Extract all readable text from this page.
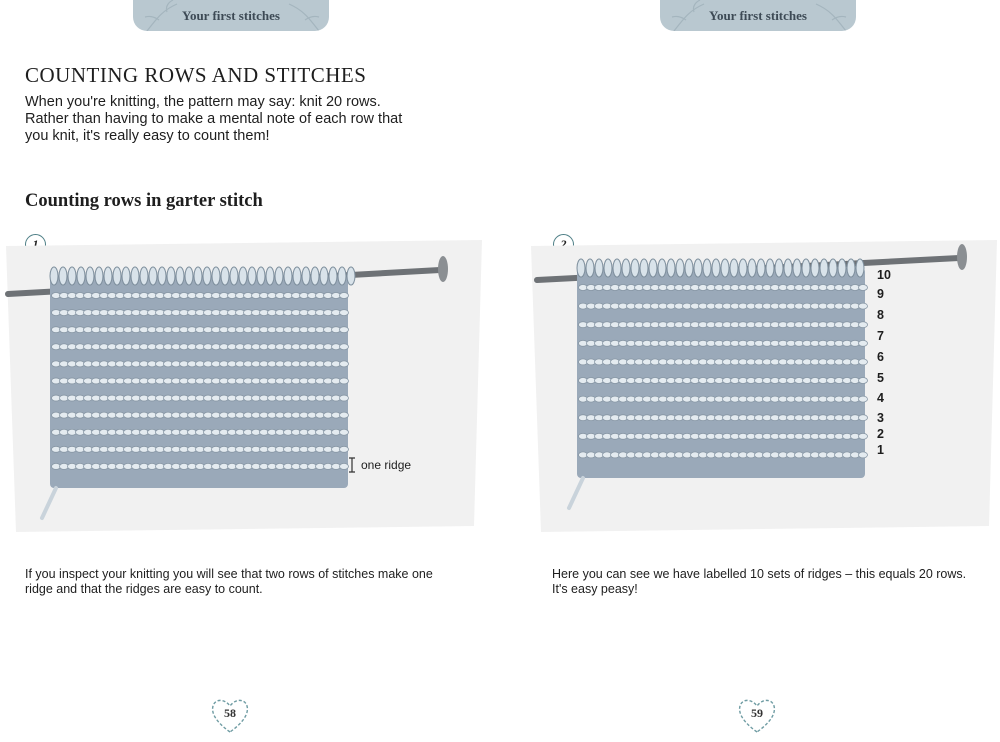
Your first stitches	Your first stitches
COUNTING ROWS AND STITCHES
When you're knitting, the pattern may say: knit 20 rows. Rather than having to make a mental note of each row that you knit, it's really easy to count them!
Counting rows in garter stitch
1
one ridge
If you inspect your knitting you will see that two rows of stitches make one ridge and that the ridges are easy to count.
58
2
10
9
8
7
6
5
4
3
2
1
Here you can see we have labelled 10 sets of ridges – this equals 20 rows. It's easy peasy!
59
